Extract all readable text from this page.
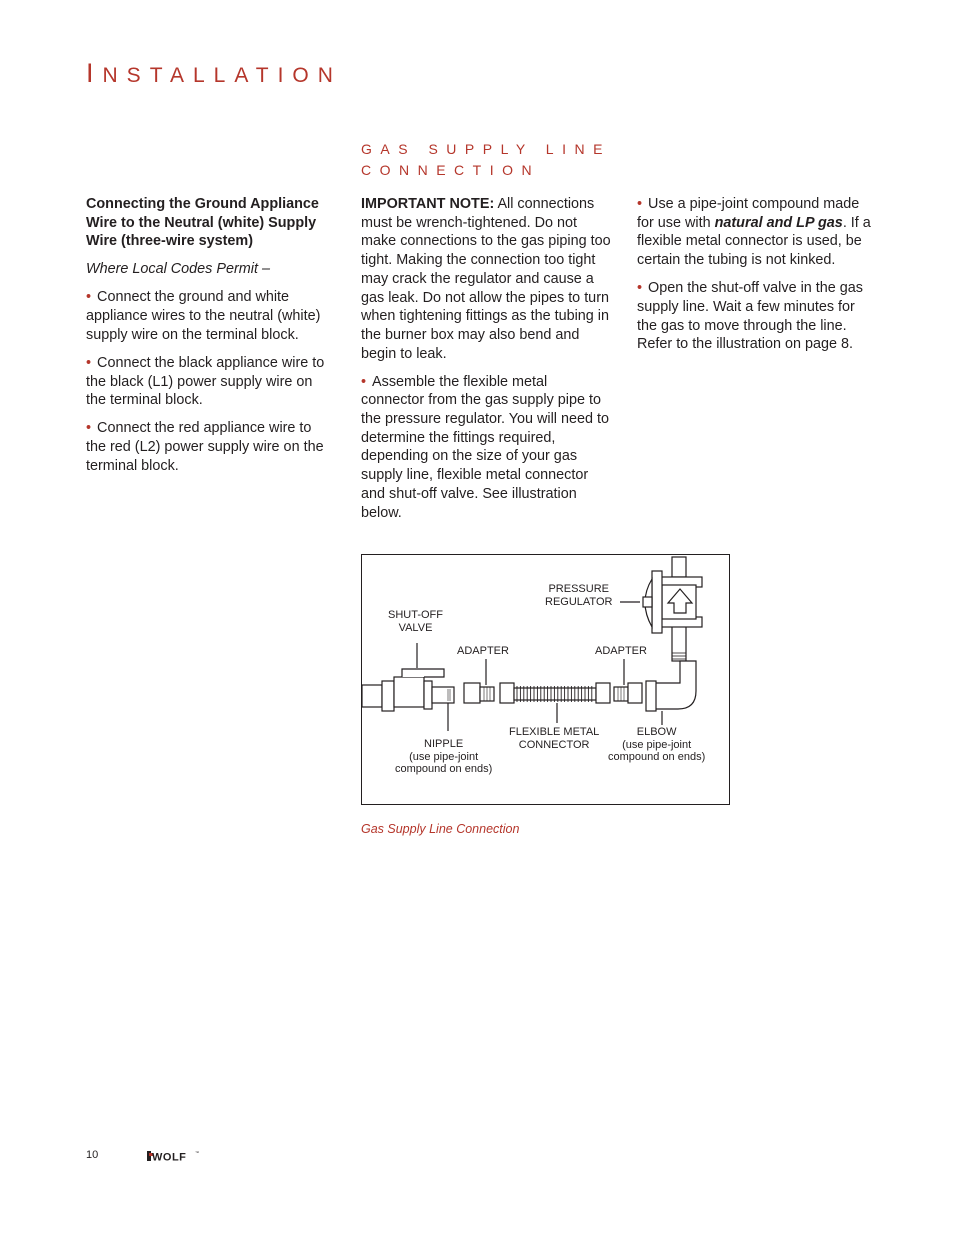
INSTALLATION
GAS SUPPLY LINE
CONNECTION

Connecting the Ground Appliance Wire to the Neutral (white) Supply Wire (three-wire system)

Where Local Codes Permit –

• Connect the ground and white appliance wires to the neutral (white) supply wire on the terminal block.

• Connect the black appliance wire to the black (L1) power supply wire on the terminal block.

• Connect the red appliance wire to the red (L2) power supply wire on the terminal block.

IMPORTANT NOTE: All connections must be wrench-tightened. Do not make connections to the gas piping too tight. Making the connection too tight may crack the regulator and cause a gas leak. Do not allow the pipes to turn when tightening fittings as the tubing in the burner box may also bend and begin to leak.

• Assemble the flexible metal connector from the gas supply pipe to the pressure regulator. You will need to determine the fittings required, depending on the size of your gas supply line, flexible metal connector and shut-off valve. See illustration below.

• Use a pipe-joint compound made for use with natural and LP gas. If a flexible metal connector is used, be certain the tubing is not kinked.

• Open the shut-off valve in the gas supply line. Wait a few minutes for the gas to move through the line. Refer to the illustration on page 8.

PRESSURE
REGULATOR
SHUT-OFF
VALVE
ADAPTER	ADAPTER
NIPPLE
(use pipe-joint
compound on ends)
FLEXIBLE METAL
CONNECTOR
ELBOW
(use pipe-joint
compound on ends)

Gas Supply Line Connection

10	WOLF ™
